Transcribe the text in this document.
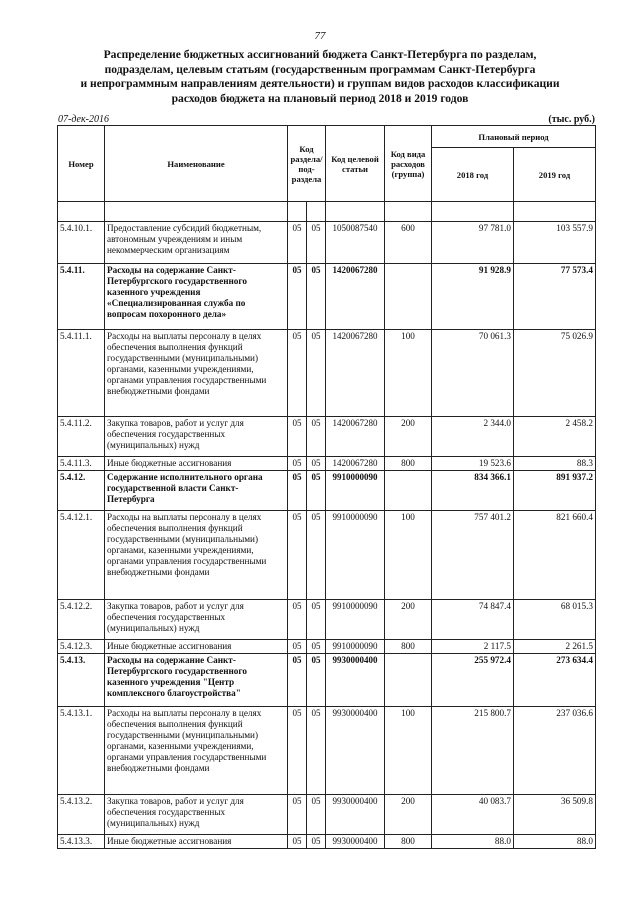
77
Распределение бюджетных ассигнований бюджета Санкт-Петербурга по разделам,
подразделам, целевым статьям (государственным программам Санкт-Петербурга
и непрограммным направлениям деятельности) и группам видов расходов классификации
расходов бюджета на плановый период 2018 и 2019 годов
07-дек-2016	(тыс. руб.)
Номер	Наименование	Код раздела/ под- раздела		Код целевой статьи	Код вида расходов (группа)	Плановый период	
						2018 год	2019 год

5.4.10.1.	Предоставление субсидий бюджетным, автономным учреждениям и иным некоммерческим организациям	05	05	1050087540	600	97 781.0	103 557.9
5.4.11.	Расходы на содержание Санкт-Петербургского государственного казенного учреждения «Специализированная служба по вопросам похоронного дела»	05	05	1420067280		91 928.9	77 573.4
5.4.11.1.	Расходы на выплаты персоналу в целях обеспечения выполнения функций государственными (муниципальными) органами, казенными учреждениями, органами управления государственными внебюджетными фондами	05	05	1420067280	100	70 061.3	75 026.9
5.4.11.2.	Закупка товаров, работ и услуг для обеспечения государственных (муниципальных) нужд	05	05	1420067280	200	2 344.0	2 458.2
5.4.11.3.	Иные бюджетные ассигнования	05	05	1420067280	800	19 523.6	88.3
5.4.12.	Содержание исполнительного органа государственной власти Санкт-Петербурга	05	05	9910000090		834 366.1	891 937.2
5.4.12.1.	Расходы на выплаты персоналу в целях обеспечения выполнения функций государственными (муниципальными) органами, казенными учреждениями, органами управления государственными внебюджетными фондами	05	05	9910000090	100	757 401.2	821 660.4
5.4.12.2.	Закупка товаров, работ и услуг для обеспечения государственных (муниципальных) нужд	05	05	9910000090	200	74 847.4	68 015.3
5.4.12.3.	Иные бюджетные ассигнования	05	05	9910000090	800	2 117.5	2 261.5
5.4.13.	Расходы на содержание Санкт-Петербургского государственного казенного учреждения "Центр комплексного благоустройства"	05	05	9930000400		255 972.4	273 634.4
5.4.13.1.	Расходы на выплаты персоналу в целях обеспечения выполнения функций государственными (муниципальными) органами, казенными учреждениями, органами управления государственными внебюджетными фондами	05	05	9930000400	100	215 800.7	237 036.6
5.4.13.2.	Закупка товаров, работ и услуг для обеспечения государственных (муниципальных) нужд	05	05	9930000400	200	40 083.7	36 509.8
5.4.13.3.	Иные бюджетные ассигнования	05	05	9930000400	800	88.0	88.0
